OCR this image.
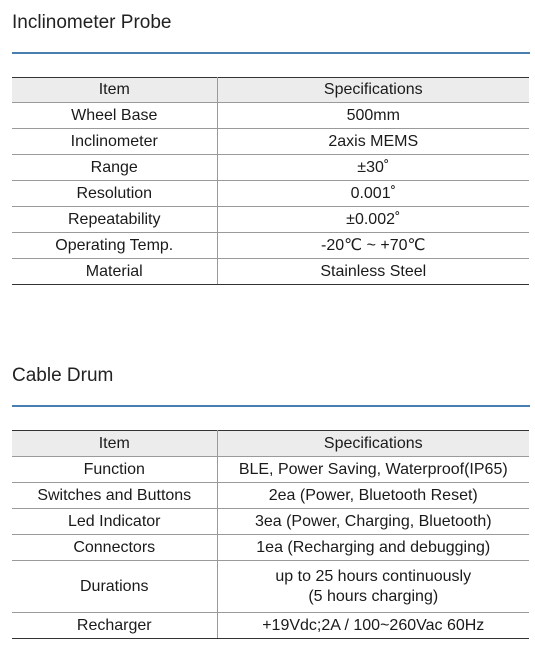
Inclinometer Probe
Item	Specifications
Wheel Base	500mm
Inclinometer	2axis MEMS
Range	±30˚
Resolution	0.001˚
Repeatability	±0.002˚
Operating Temp.	-20℃ ~ +70℃
Material	Stainless Steel
Cable Drum
Item	Specifications
Function	BLE, Power Saving, Waterproof(IP65)
Switches and Buttons	2ea (Power, Bluetooth Reset)
Led Indicator	3ea (Power, Charging, Bluetooth)
Connectors	1ea (Recharging and debugging)
Durations	up to 25 hours continuously
(5 hours charging)

Recharger	+19Vdc;2A / 100~260Vac 60Hz
